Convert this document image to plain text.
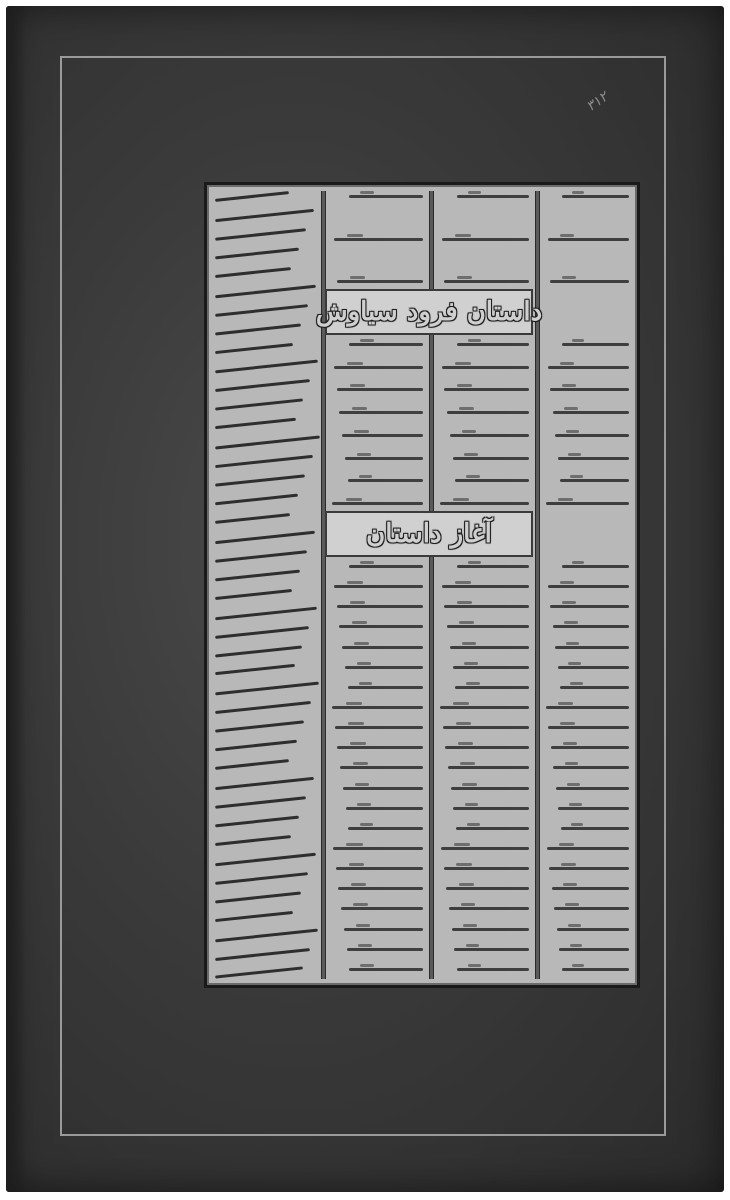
۳۱۲
داستان فرود سیاوش
آغاز داستان
